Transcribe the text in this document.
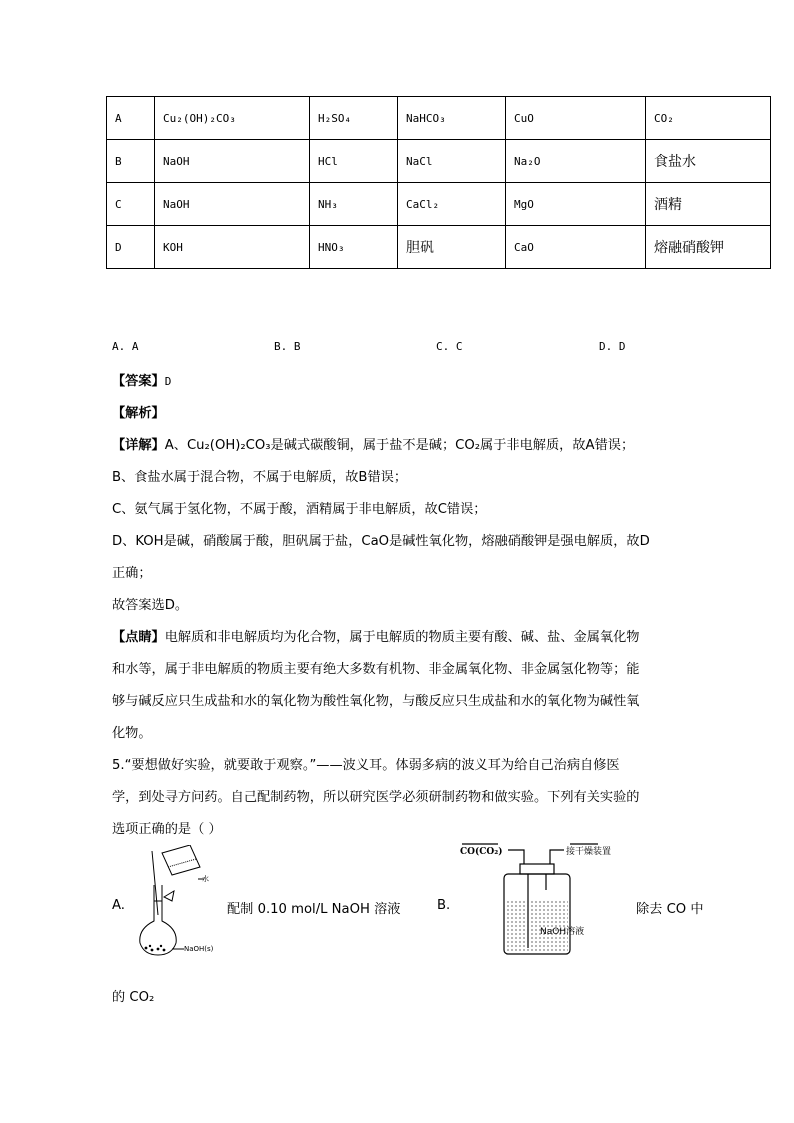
A	Cu₂(OH)₂CO₃	H₂SO₄	NaHCO₃	CuO	CO₂
B	NaOH	HCl	NaCl	Na₂O	食盐水
C	NaOH	NH₃	CaCl₂	MgO	酒精
D	KOH	HNO₃	胆矾	CaO	熔融硝酸钾
A. A	B. B	C. C	D. D
【答案】D
【解析】
【详解】A、Cu₂(OH)₂CO₃是碱式碳酸铜，属于盐不是碱；CO₂属于非电解质，故A错误；
B、食盐水属于混合物，不属于电解质，故B错误；
C、氨气属于氢化物，不属于酸，酒精属于非电解质，故C错误；
D、KOH是碱，硝酸属于酸，胆矾属于盐，CaO是碱性氧化物，熔融硝酸钾是强电解质，故D
正确；
故答案选D。
【点睛】电解质和非电解质均为化合物，属于电解质的物质主要有酸、碱、盐、金属氧化物
和水等，属于非电解质的物质主要有绝大多数有机物、非金属氧化物、非金属氢化物等；能
够与碱反应只生成盐和水的氧化物为酸性氧化物，与酸反应只生成盐和水的氧化物为碱性氧
化物。
5.“要想做好实验，就要敢于观察。”——波义耳。体弱多病的波义耳为给自己治病自修医
学，到处寻方问药。自己配制药物，所以研究医学必须研制药物和做实验。下列有关实验的
选项正确的是（ ）
A.
水
NaOH(s)
配制 0.10 mol/L NaOH 溶液	B.
CO(CO₂)	接干燥装置
NaOH溶液
除去 CO 中
的 CO₂
